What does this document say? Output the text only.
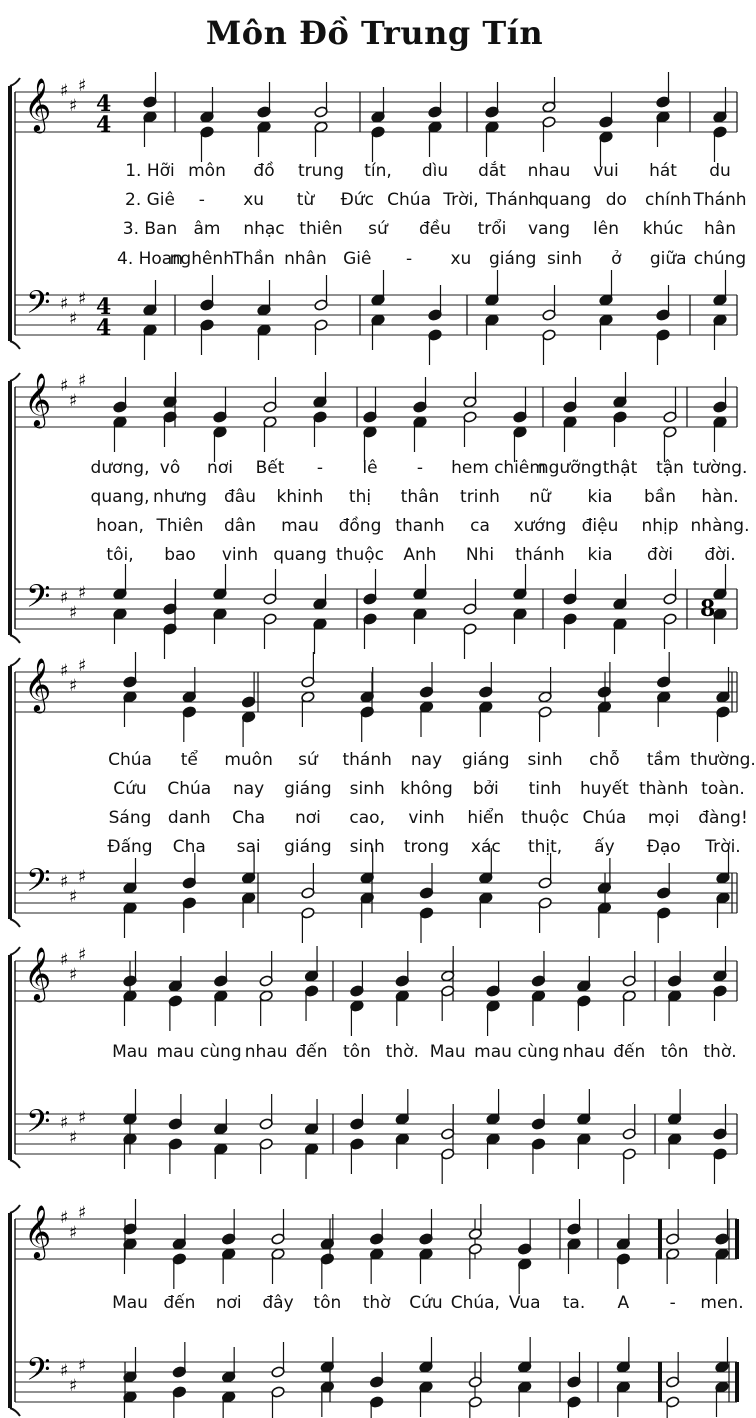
Môn Đồ Trung Tín
𝄞
𝄢
♯
♯
♯
♯
♯
♯
4
4
4
4
𝄞
𝄢
♯
♯
♯
♯
♯
♯
8
𝄞
𝄢
♯
♯
♯
♯
♯
♯
𝄞
𝄢
♯
♯
♯
♯
♯
♯
𝄞
𝄢
♯
♯
♯
♯
♯
♯
1. Hỡi môn đồ trung tín, dìu dắt nhau vui hát du
2. Giê - xu từ Đức Chúa Trời, Thánh
quang do chính Thánh
3. Ban âm nhạc thiên sứ đều trổi vang lên khúc hân
4. Hoan
nghênh
Thần nhân Giê - xu giáng sinh ở giữa chúng
dương, vô nơi Bết - lê - hem chiêm
ngưỡng thật tận tường.
quang, nhưng đâu khinh thị thân trinh nữ kia bần hàn.
hoan, Thiên dân mau đồng thanh ca xướng điệu nhịp nhàng.
tôi, bao vinh quang thuộc Anh Nhi thánh kia đời đời.
Chúa tể muôn sứ thánh nay giáng sinh chỗ tầm thường.
Cứu Chúa nay giáng sinh không bởi tinh huyết thành toàn.
Sáng danh Cha nơi cao, vinh hiển thuộc Chúa mọi đàng!
Đấng Cha sai giáng sinh trong xác thịt, ấy Đạo Trời.
Mau mau cùng nhau đến tôn thờ. Mau mau cùng nhau đến tôn thờ.
Mau đến nơi đây tôn thờ Cứu Chúa, Vua ta. A - men.
